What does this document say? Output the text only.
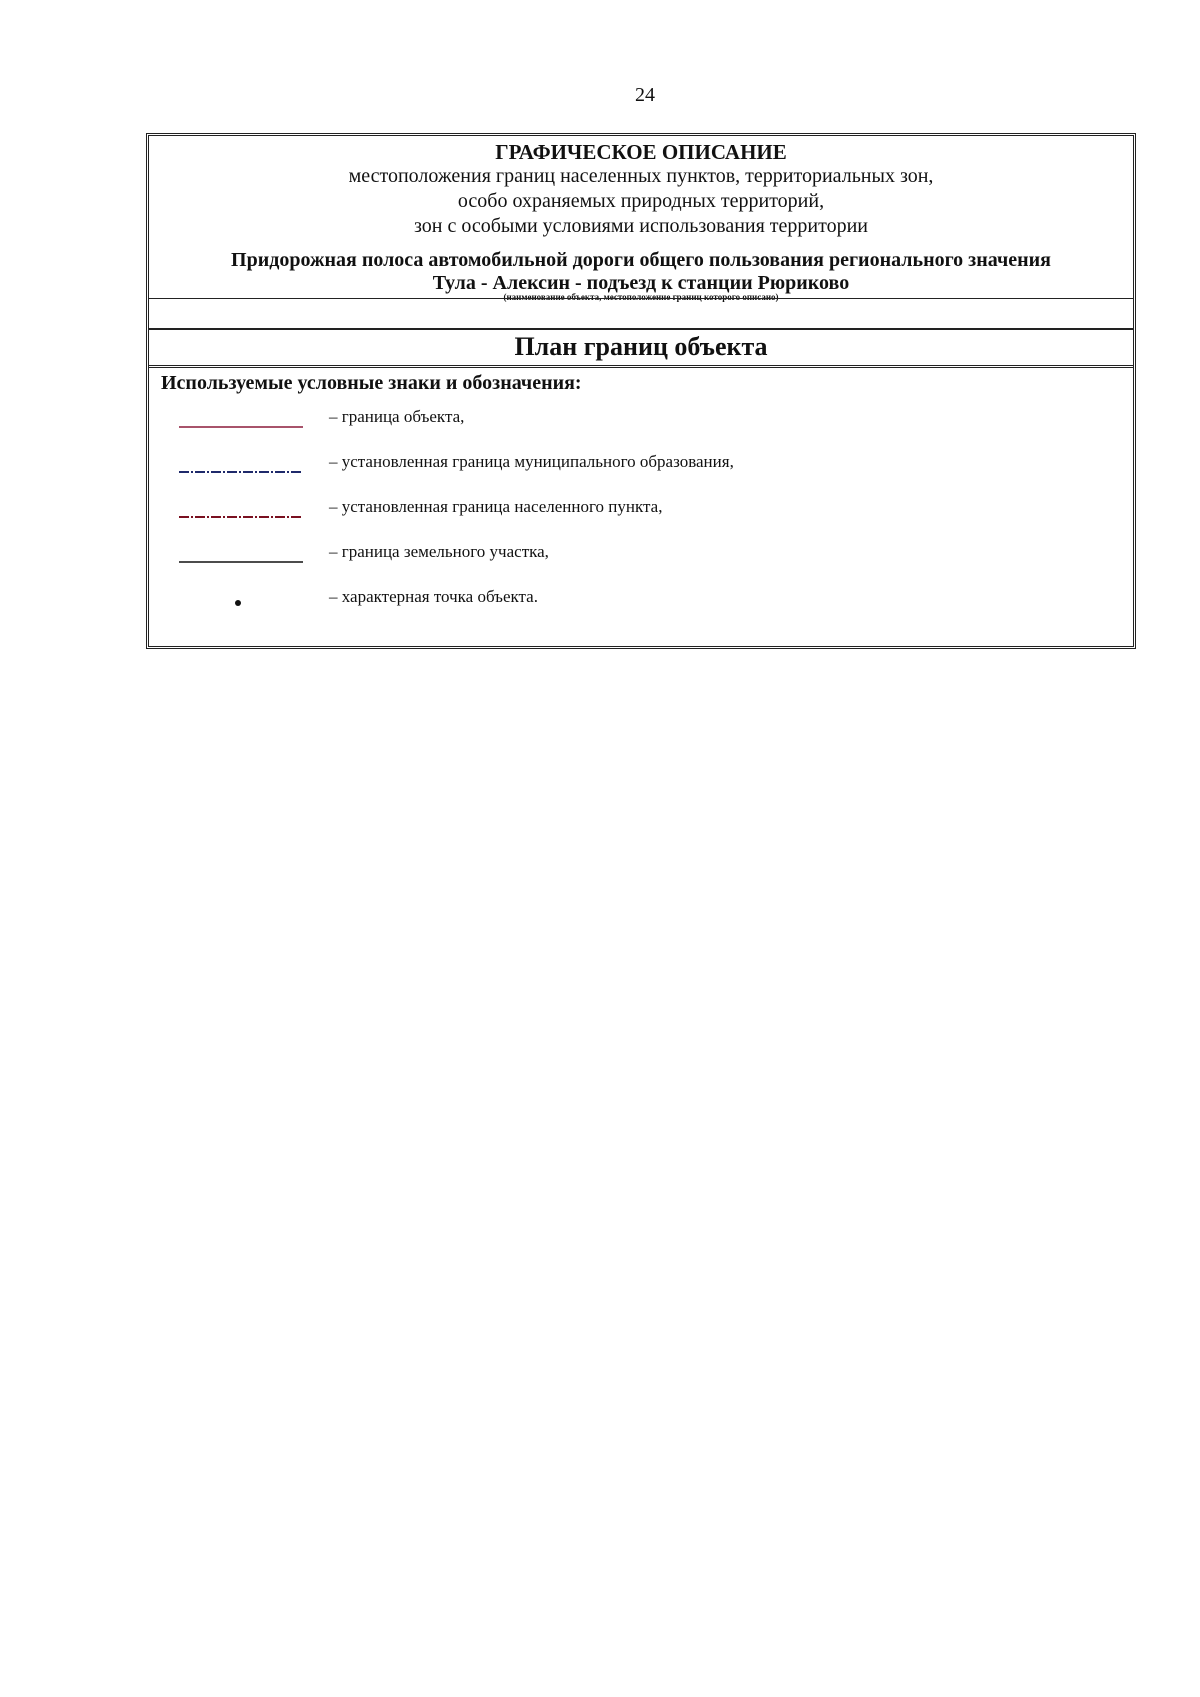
24
ГРАФИЧЕСКОЕ ОПИСАНИЕ
местоположения границ населенных пунктов, территориальных зон,
особо охраняемых природных территорий,
зон с особыми условиями использования территории
Придорожная полоса автомобильной дороги общего пользования регионального значения
Тула - Алексин - подъезд к станции Рюриково
(наименование объекта, местоположение границ которого описано)
План границ объекта
Используемые условные знаки и обозначения:
– граница объекта,
– установленная граница муниципального образования,
– установленная граница населенного пункта,
– граница земельного участка,
– характерная точка объекта.
